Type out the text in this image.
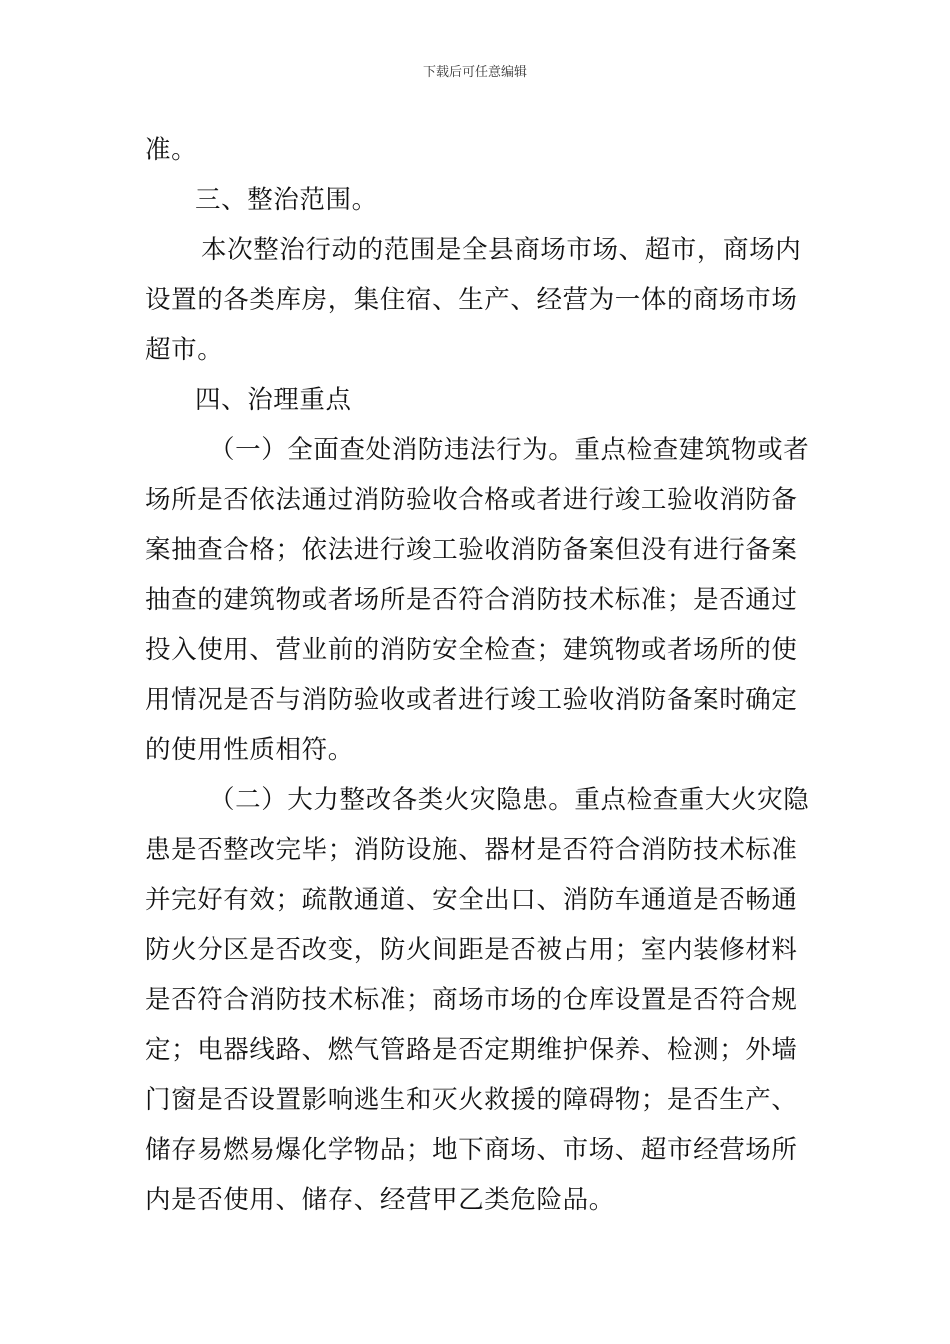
下载后可任意编辑
准。
三、整治范围。
本次整治行动的范围是全县商场市场、超市，商场内
设置的各类库房，集住宿、生产、经营为一体的商场市场
超市。
四、治理重点
（一）全面查处消防违法行为。重点检查建筑物或者
场所是否依法通过消防验收合格或者进行竣工验收消防备
案抽查合格；依法进行竣工验收消防备案但没有进行备案
抽查的建筑物或者场所是否符合消防技术标准；是否通过
投入使用、营业前的消防安全检查；建筑物或者场所的使
用情况是否与消防验收或者进行竣工验收消防备案时确定
的使用性质相符。
（二）大力整改各类火灾隐患。重点检查重大火灾隐
患是否整改完毕；消防设施、器材是否符合消防技术标准
并完好有效；疏散通道、安全出口、消防车通道是否畅通
防火分区是否改变，防火间距是否被占用；室内装修材料
是否符合消防技术标准；商场市场的仓库设置是否符合规
定；电器线路、燃气管路是否定期维护保养、检测；外墙
门窗是否设置影响逃生和灭火救援的障碍物；是否生产、
储存易燃易爆化学物品；地下商场、市场、超市经营场所
内是否使用、储存、经营甲乙类危险品。
